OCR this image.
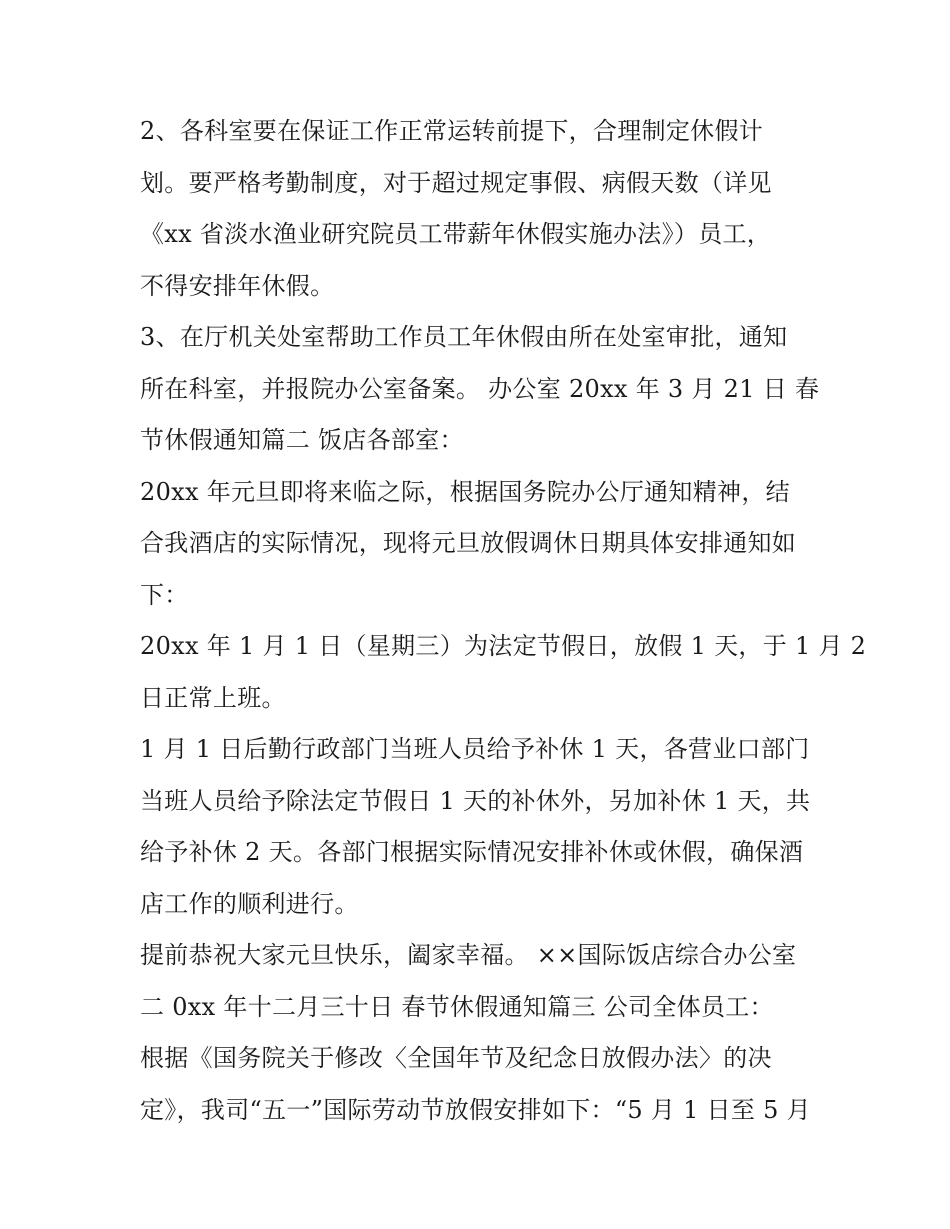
2、各科室要在保证工作正常运转前提下，合理制定休假计
划。要严格考勤制度，对于超过规定事假、病假天数（详见
《xx 省淡水渔业研究院员工带薪年休假实施办法》）员工，
不得安排年休假。
3、在厅机关处室帮助工作员工年休假由所在处室审批，通知
所在科室，并报院办公室备案。 办公室 20xx 年 3 月 21 日 春
节休假通知篇二 饭店各部室：
20xx 年元旦即将来临之际，根据国务院办公厅通知精神，结
合我酒店的实际情况，现将元旦放假调休日期具体安排通知如
下：
20xx 年 1 月 1 日（星期三）为法定节假日，放假 1 天，于 1 月 2
日正常上班。
1 月 1 日后勤行政部门当班人员给予补休 1 天，各营业口部门
当班人员给予除法定节假日 1 天的补休外，另加补休 1 天，共
给予补休 2 天。各部门根据实际情况安排补休或休假，确保酒
店工作的顺利进行。
提前恭祝大家元旦快乐，阖家幸福。 ××国际饭店综合办公室
二 0xx 年十二月三十日 春节休假通知篇三 公司全体员工：
根据《国务院关于修改〈全国年节及纪念日放假办法〉的决
定》，我司“五一”国际劳动节放假安排如下：“5 月 1 日至 5 月
